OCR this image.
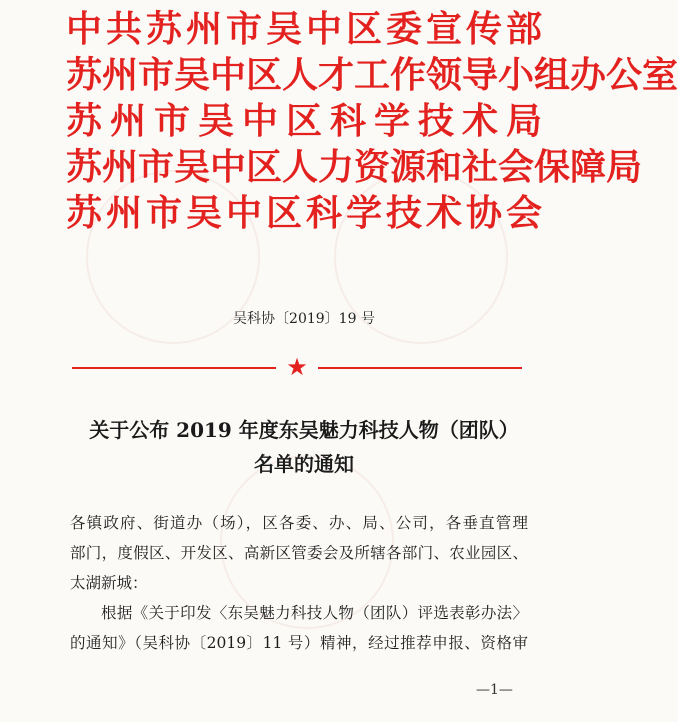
中共苏州市吴中区委宣传部
苏州市吴中区人才工作领导小组办公室
苏州市吴中区科学技术局
苏州市吴中区人力资源和社会保障局
苏州市吴中区科学技术协会
吴科协〔2019〕19 号
★
关于公布 2019 年度东吴魅力科技人物（团队）
名单的通知
各镇政府、街道办（场），区各委、办、局、公司，各垂直管理
部门，度假区、开发区、高新区管委会及所辖各部门、农业园区、
太湖新城：
根据《关于印发〈东吴魅力科技人物（团队）评选表彰办法〉
的通知》（吴科协〔2019〕11 号）精神，经过推荐申报、资格审
—1—
